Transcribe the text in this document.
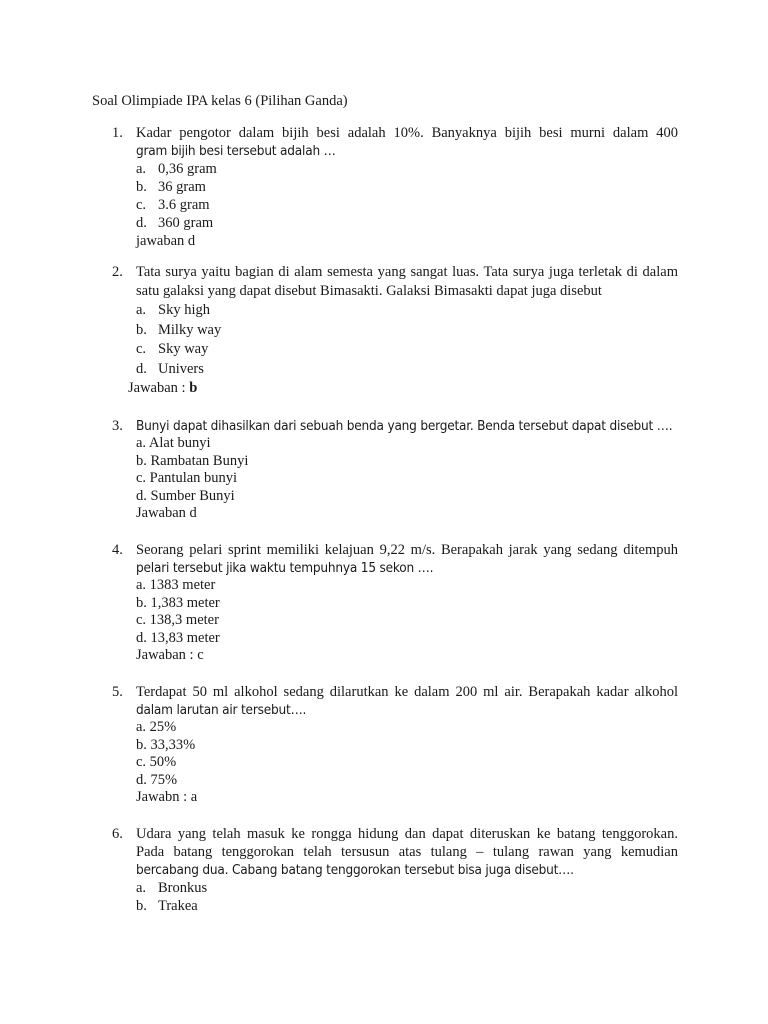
Soal Olimpiade IPA kelas 6 (Pilihan Ganda)
1. Kadar pengotor dalam bijih besi adalah 10%. Banyaknya bijih besi murni dalam 400
gram bijih besi tersebut adalah …
a. 0,36 gram
b. 36 gram
c. 3.6 gram
d. 360 gram
jawaban d
2. Tata surya yaitu bagian di alam semesta yang sangat luas. Tata surya juga terletak di dalam
satu galaksi yang dapat disebut Bimasakti. Galaksi Bimasakti dapat juga disebut
a. Sky high
b. Milky way
c. Sky way
d. Univers
Jawaban : b
3. Bunyi dapat dihasilkan dari sebuah benda yang bergetar. Benda tersebut dapat disebut ….
a. Alat bunyi
b. Rambatan Bunyi
c. Pantulan bunyi
d. Sumber Bunyi
Jawaban d
4. Seorang pelari sprint memiliki kelajuan 9,22 m/s. Berapakah jarak yang sedang ditempuh
pelari tersebut jika waktu tempuhnya 15 sekon ….
a. 1383 meter
b. 1,383 meter
c. 138,3 meter
d. 13,83 meter
Jawaban : c
5. Terdapat 50 ml alkohol sedang dilarutkan ke dalam 200 ml air. Berapakah kadar alkohol
dalam larutan air tersebut….
a. 25%
b. 33,33%
c. 50%
d. 75%
Jawabn : a
6. Udara yang telah masuk ke rongga hidung dan dapat diteruskan ke batang tenggorokan.
Pada batang tenggorokan telah tersusun atas tulang – tulang rawan yang kemudian
bercabang dua. Cabang batang tenggorokan tersebut bisa juga disebut….
a. Bronkus
b. Trakea
